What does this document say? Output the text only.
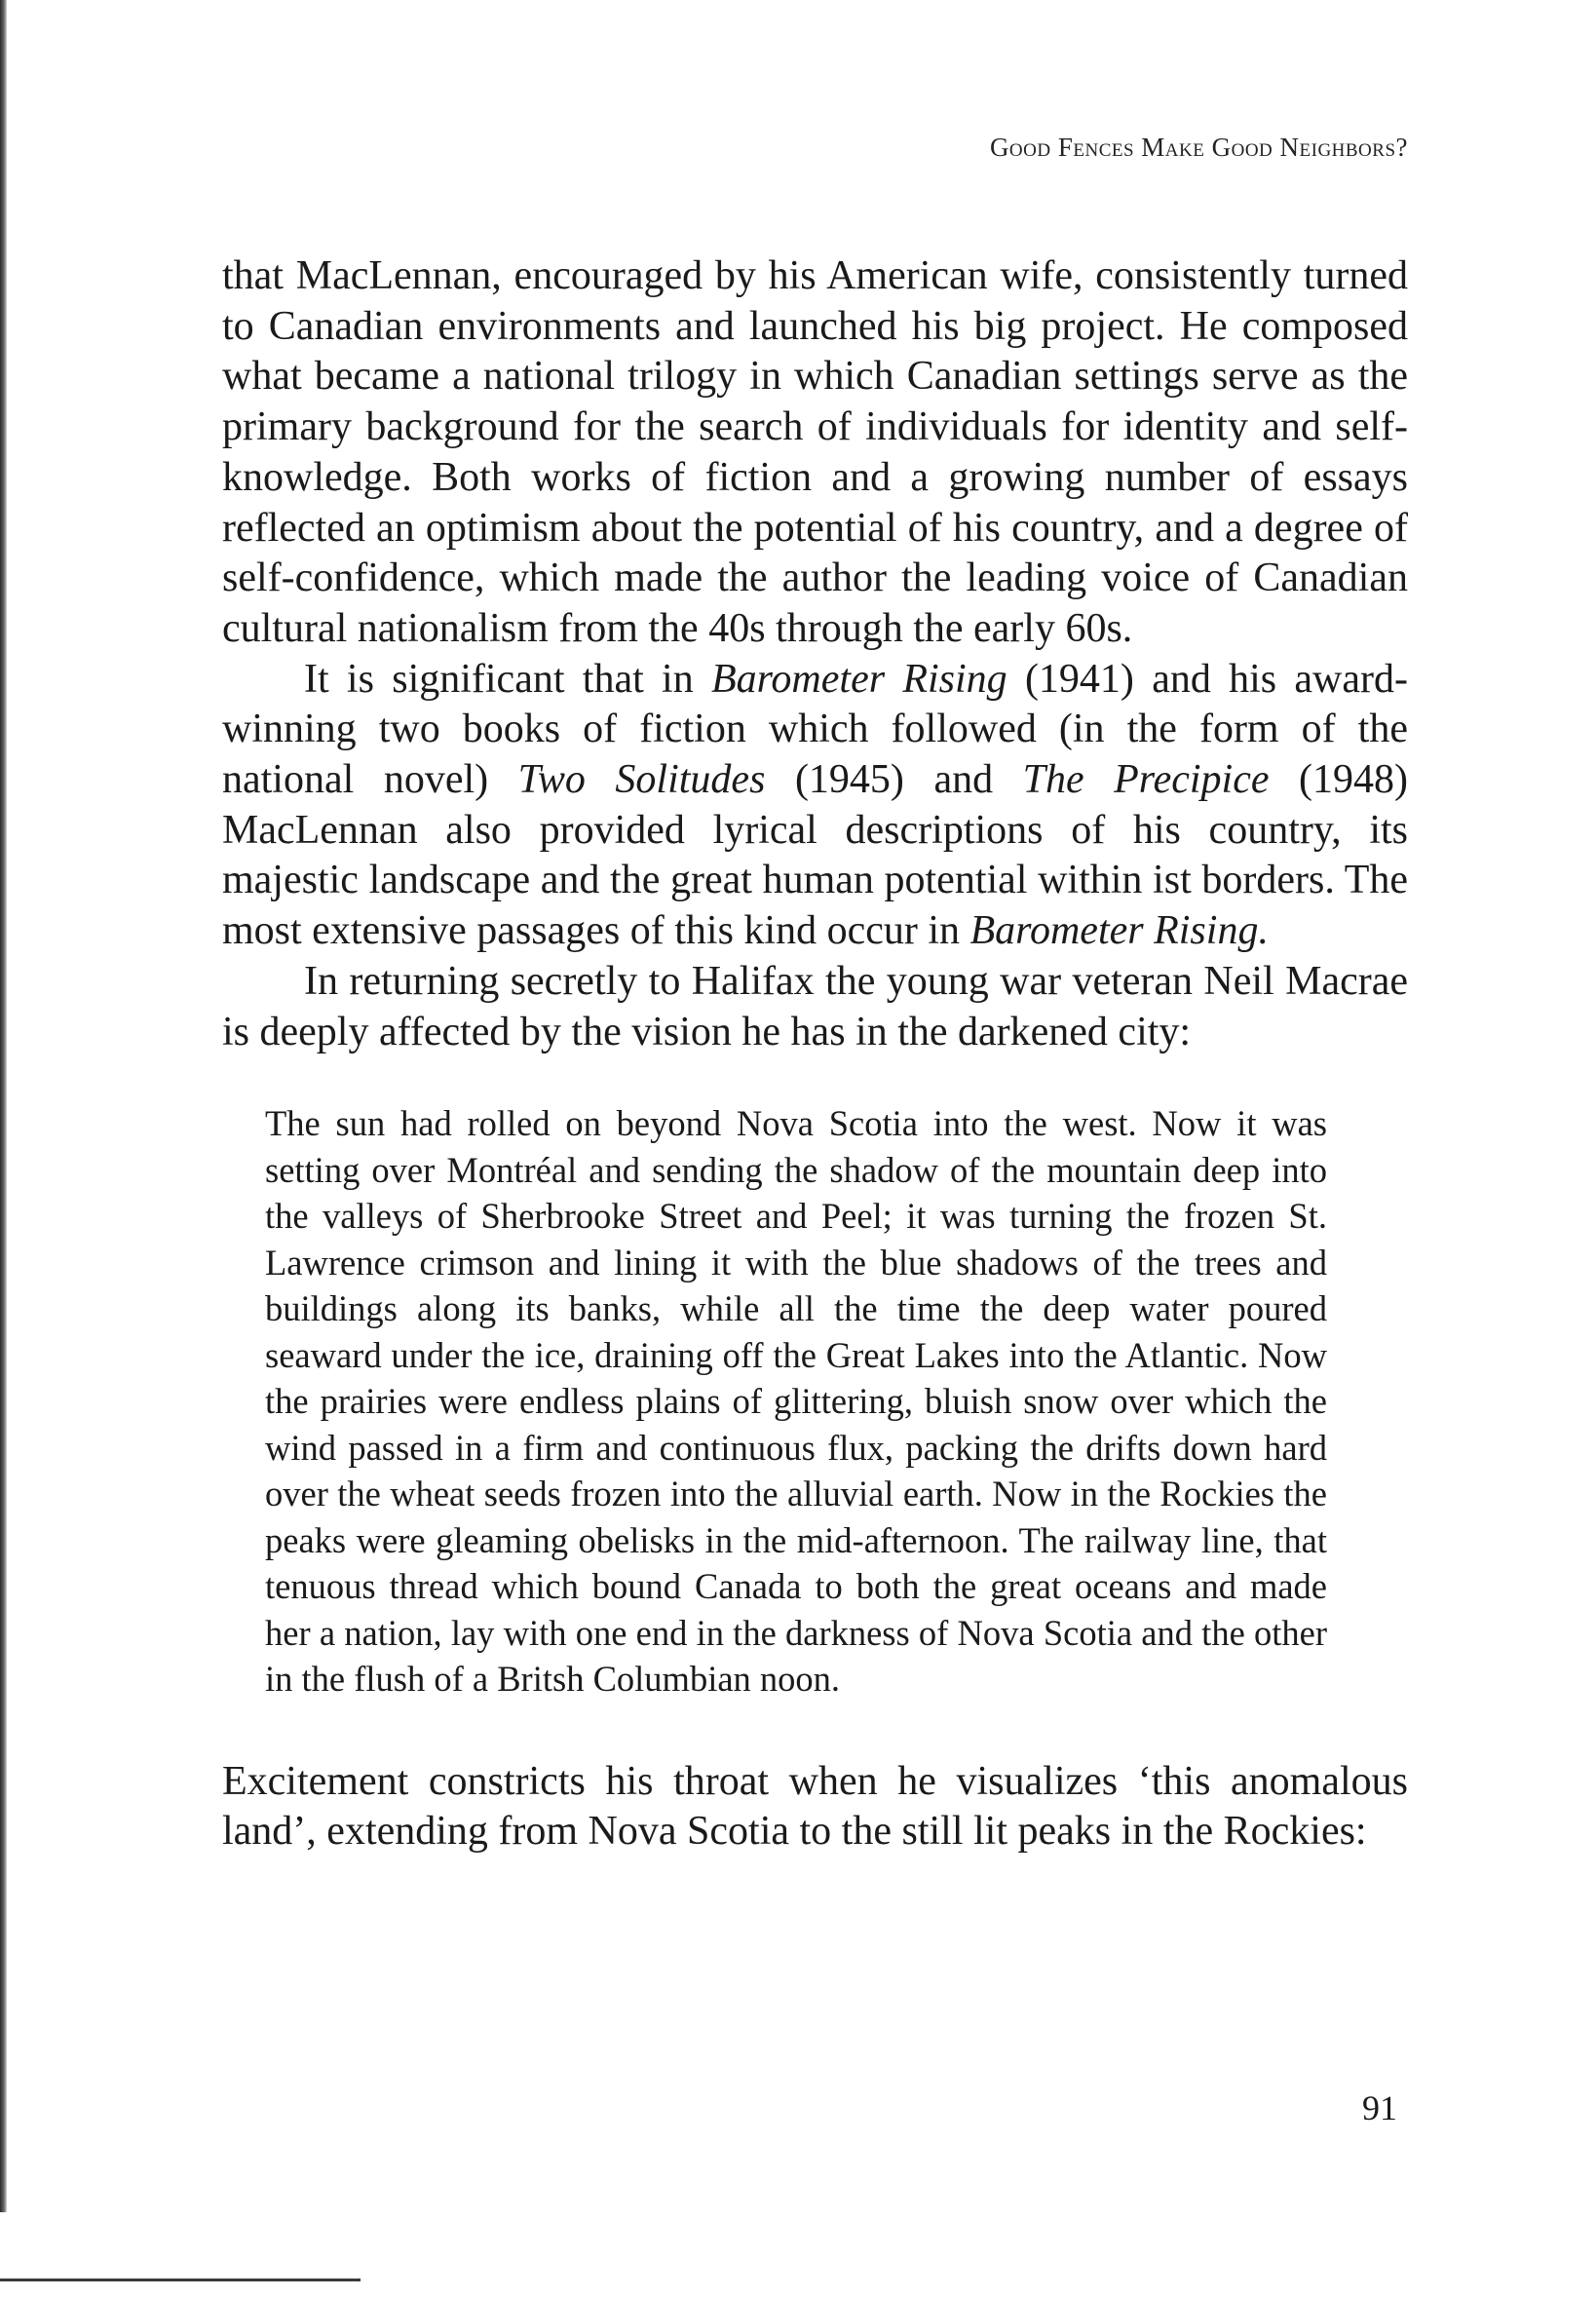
Good Fences Make Good Neighbors?

that MacLennan, encouraged by his American wife, consistently turned to Canadian environments and launched his big project. He composed what became a national trilogy in which Canadian settings serve as the primary background for the search of individuals for identity and self-knowledge. Both works of fiction and a growing number of essays reflected an optimism about the potential of his country, and a degree of self-confidence, which made the author the leading voice of Canadian cultural nationalism from the 40s through the early 60s.

It is significant that in Barometer Rising (1941) and his award-winning two books of fiction which followed (in the form of the national novel) Two Solitudes (1945) and The Precipice (1948) MacLennan also provided lyrical descriptions of his country, its majestic landscape and the great human potential within ist borders. The most extensive passages of this kind occur in Barometer Rising.

In returning secretly to Halifax the young war veteran Neil Macrae is deeply affected by the vision he has in the darkened city:

The sun had rolled on beyond Nova Scotia into the west. Now it was setting over Montréal and sending the shadow of the mountain deep into the valleys of Sherbrooke Street and Peel; it was turning the frozen St. Lawrence crimson and lining it with the blue shadows of the trees and buildings along its banks, while all the time the deep water poured seaward under the ice, draining off the Great Lakes into the Atlantic. Now the prairies were endless plains of glittering, bluish snow over which the wind passed in a firm and continuous flux, packing the drifts down hard over the wheat seeds frozen into the alluvial earth. Now in the Rockies the peaks were gleaming obelisks in the mid-afternoon. The railway line, that tenuous thread which bound Canada to both the great oceans and made her a nation, lay with one end in the darkness of Nova Scotia and the other in the flush of a Britsh Columbian noon.

Excitement constricts his throat when he visualizes ‘this anomalous land’, extending from Nova Scotia to the still lit peaks in the Rockies:

91
